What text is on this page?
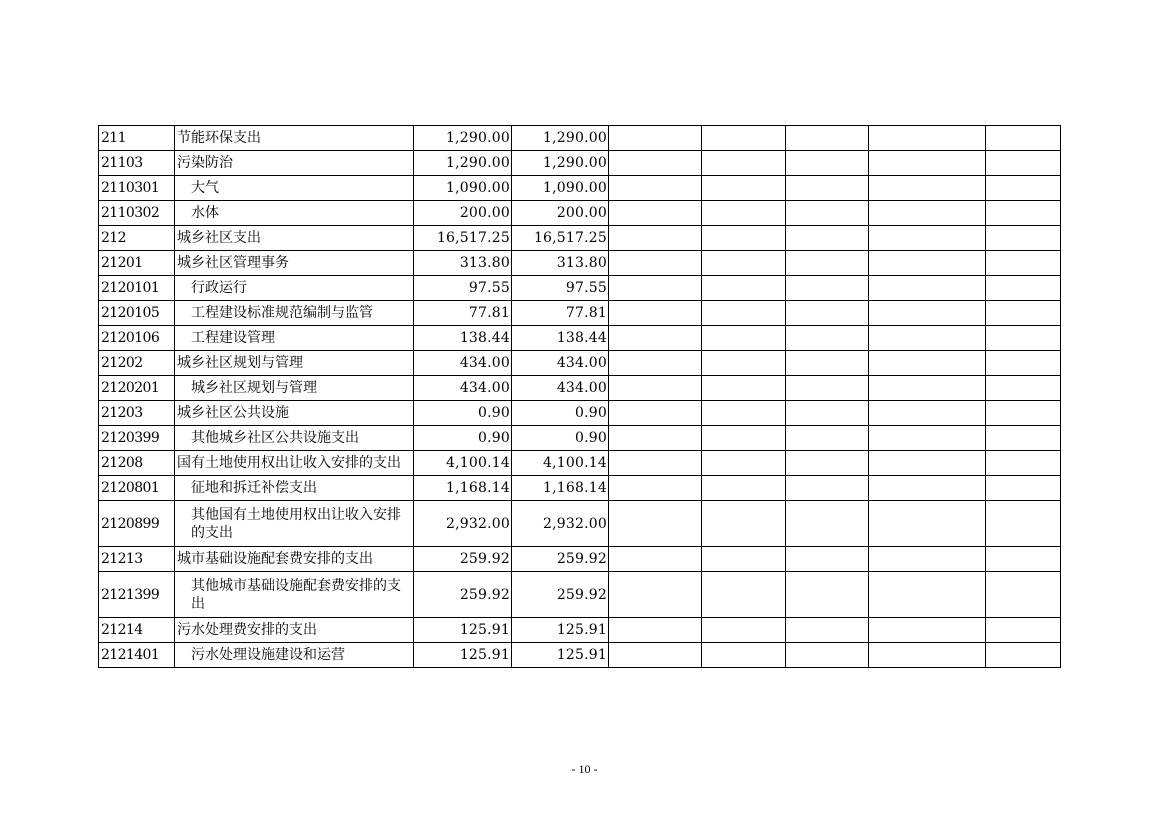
211	节能环保支出	1,290.00	1,290.00					
21103	污染防治	1,290.00	1,290.00					
2110301	大气	1,090.00	1,090.00					
2110302	水体	200.00	200.00					
212	城乡社区支出	16,517.25	16,517.25					
21201	城乡社区管理事务	313.80	313.80					
2120101	行政运行	97.55	97.55					
2120105	工程建设标准规范编制与监管	77.81	77.81					
2120106	工程建设管理	138.44	138.44					
21202	城乡社区规划与管理	434.00	434.00					
2120201	城乡社区规划与管理	434.00	434.00					
21203	城乡社区公共设施	0.90	0.90					
2120399	其他城乡社区公共设施支出	0.90	0.90					
21208	国有土地使用权出让收入安排的支出	4,100.14	4,100.14					
2120801	征地和拆迁补偿支出	1,168.14	1,168.14					
2120899	其他国有土地使用权出让收入安排的支出	2,932.00	2,932.00					
21213	城市基础设施配套费安排的支出	259.92	259.92					
2121399	其他城市基础设施配套费安排的支出	259.92	259.92					
21214	污水处理费安排的支出	125.91	125.91					
2121401	污水处理设施建设和运营	125.91	125.91					
- 10 -
